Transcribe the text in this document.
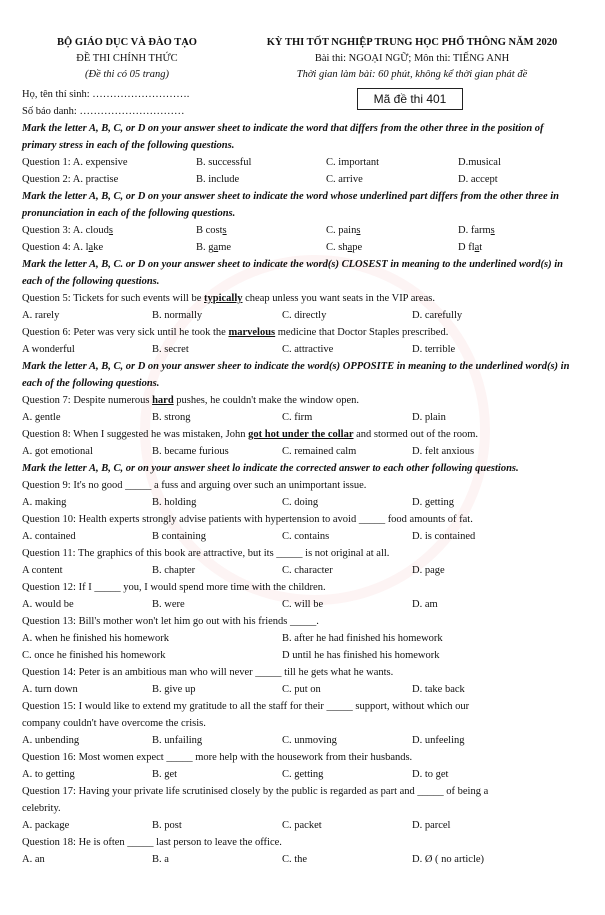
BỘ GIÁO DỤC VÀ ĐÀO TẠO	KỲ THI TỐT NGHIỆP TRUNG HỌC PHỔ THÔNG NĂM 2020
ĐỀ THI CHÍNH THỨC	Bài thi: NGOẠI NGỮ; Môn thi: TIẾNG ANH
(Đề thi có 05 trang)	Thời gian làm bài: 60 phút, không kể thời gian phát đề
Họ, tên thí sinh: ……………………….
Số báo danh: …………………………
Mã đề thi 401
Mark the letter A, B, C, or D on your answer sheet to indicate the word that differs from the other three in the position of primary stress in each of the following questions.
Question 1: A. expensive	B. successful	C. important	D.musical
Question 2: A. practise	B. include	C. arrive	D. accept
Mark the letter A, B, C, or D on your answer sheet to indicate the word whose underlined part differs from the other three in pronunciation in each of the following questions.
Question 3: A. clouds	B costs	C. pains	D. farms
Question 4: A. lake	B. game	C. shape	D flat
Mark the letter A, B, C. or D on your answer sheet to indicate the word(s) CLOSEST in meaning to the underlined word(s) in each of the following questions.
Question 5: Tickets for such events will be typically cheap unless you want seats in the VIP areas.
A. rarely	B. normally	C. directly	D. carefully
Question 6: Peter was very sick until he took the marvelous medicine that Doctor Staples prescribed.
A wonderful	B. secret	C. attractive	D. terrible
Mark the letter A, B, C, or D on your answer sheer to indicate the word(s) OPPOSITE in meaning to the underlined word(s) in each of the following questions.
Question 7: Despite numerous hard pushes, he couldn't make the window open.
A. gentle	B. strong	C. firm	D. plain
Question 8: When I suggested he was mistaken, John got hot under the collar and stormed out of the room.
A. got emotional	B. became furious	C. remained calm	D. felt anxious
Mark the letter A, B, C, or on your answer sheet lo indicate the corrected answer to each other following questions.
Question 9: It's no good _____ a fuss and arguing over such an unimportant issue.
A. making	B. holding	C. doing	D. getting
Question 10: Health experts strongly advise patients with hypertension to avoid _____ food amounts of fat.
A. contained	B containing	C. contains	D. is contained
Question 11: The graphics of this book are attractive, but its _____ is not original at all.
A content	B. chapter	C. character	D. page
Question 12: If I _____ you, I would spend more time with the children.
A. would be	B. were	C. will be	D. am
Question 13: Bill's mother won't let him go out with his friends _____.
A. when he finished his homework	B. after he had finished his homework
C. once he finished his homework	D until he has finished his homework
Question 14: Peter is an ambitious man who will never _____ till he gets what he wants.
A. turn down	B. give up	C. put on	D. take back
Question 15: I would like to extend my gratitude to all the staff for their _____ support, without which our
company couldn't have overcome the crisis.
A. unbending	B. unfailing	C. unmoving	D. unfeeling
Question 16: Most women expect _____ more help with the housework from their husbands.
A. to getting	B. get	C. getting	D. to get
Question 17: Having your private life scrutinised closely by the public is regarded as part and _____ of being a
celebrity.
A. package	B. post	C. packet	D. parcel
Question 18: He is often _____ last person to leave the office.
A. an	B. a	C. the	D. Ø ( no article)
